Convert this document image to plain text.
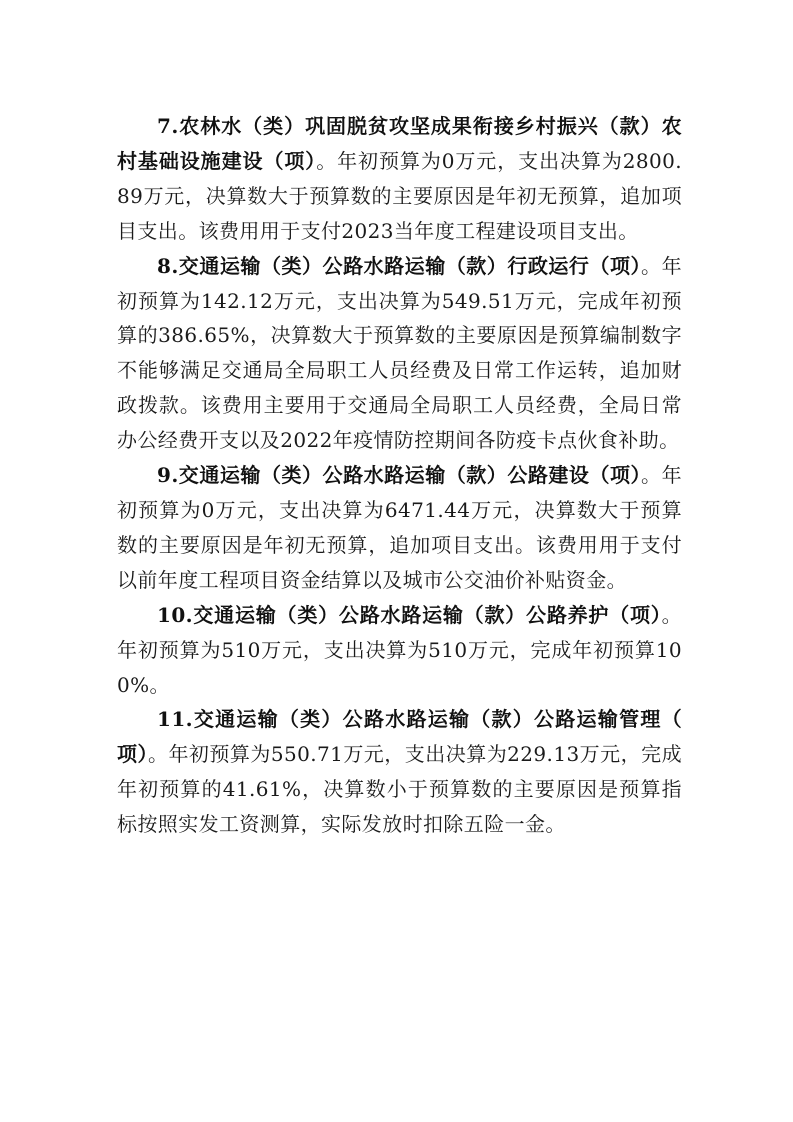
7.农林水（类）巩固脱贫攻坚成果衔接乡村振兴（款）农村基础设施建设（项）。年初预算为0万元，支出决算为2800.89万元，决算数大于预算数的主要原因是年初无预算，追加项目支出。该费用用于支付2023当年度工程建设项目支出。

8.交通运输（类）公路水路运输（款）行政运行（项）。年初预算为142.12万元，支出决算为549.51万元，完成年初预算的386.65%，决算数大于预算数的主要原因是预算编制数字不能够满足交通局全局职工人员经费及日常工作运转，追加财政拨款。该费用主要用于交通局全局职工人员经费，全局日常办公经费开支以及2022年疫情防控期间各防疫卡点伙食补助。

9.交通运输（类）公路水路运输（款）公路建设（项）。年初预算为0万元，支出决算为6471.44万元，决算数大于预算数的主要原因是年初无预算，追加项目支出。该费用用于支付以前年度工程项目资金结算以及城市公交油价补贴资金。

10.交通运输（类）公路水路运输（款）公路养护（项）。年初预算为510万元，支出决算为510万元，完成年初预算100%。

11.交通运输（类）公路水路运输（款）公路运输管理（项）。年初预算为550.71万元，支出决算为229.13万元，完成年初预算的41.61%，决算数小于预算数的主要原因是预算指标按照实发工资测算，实际发放时扣除五险一金。
